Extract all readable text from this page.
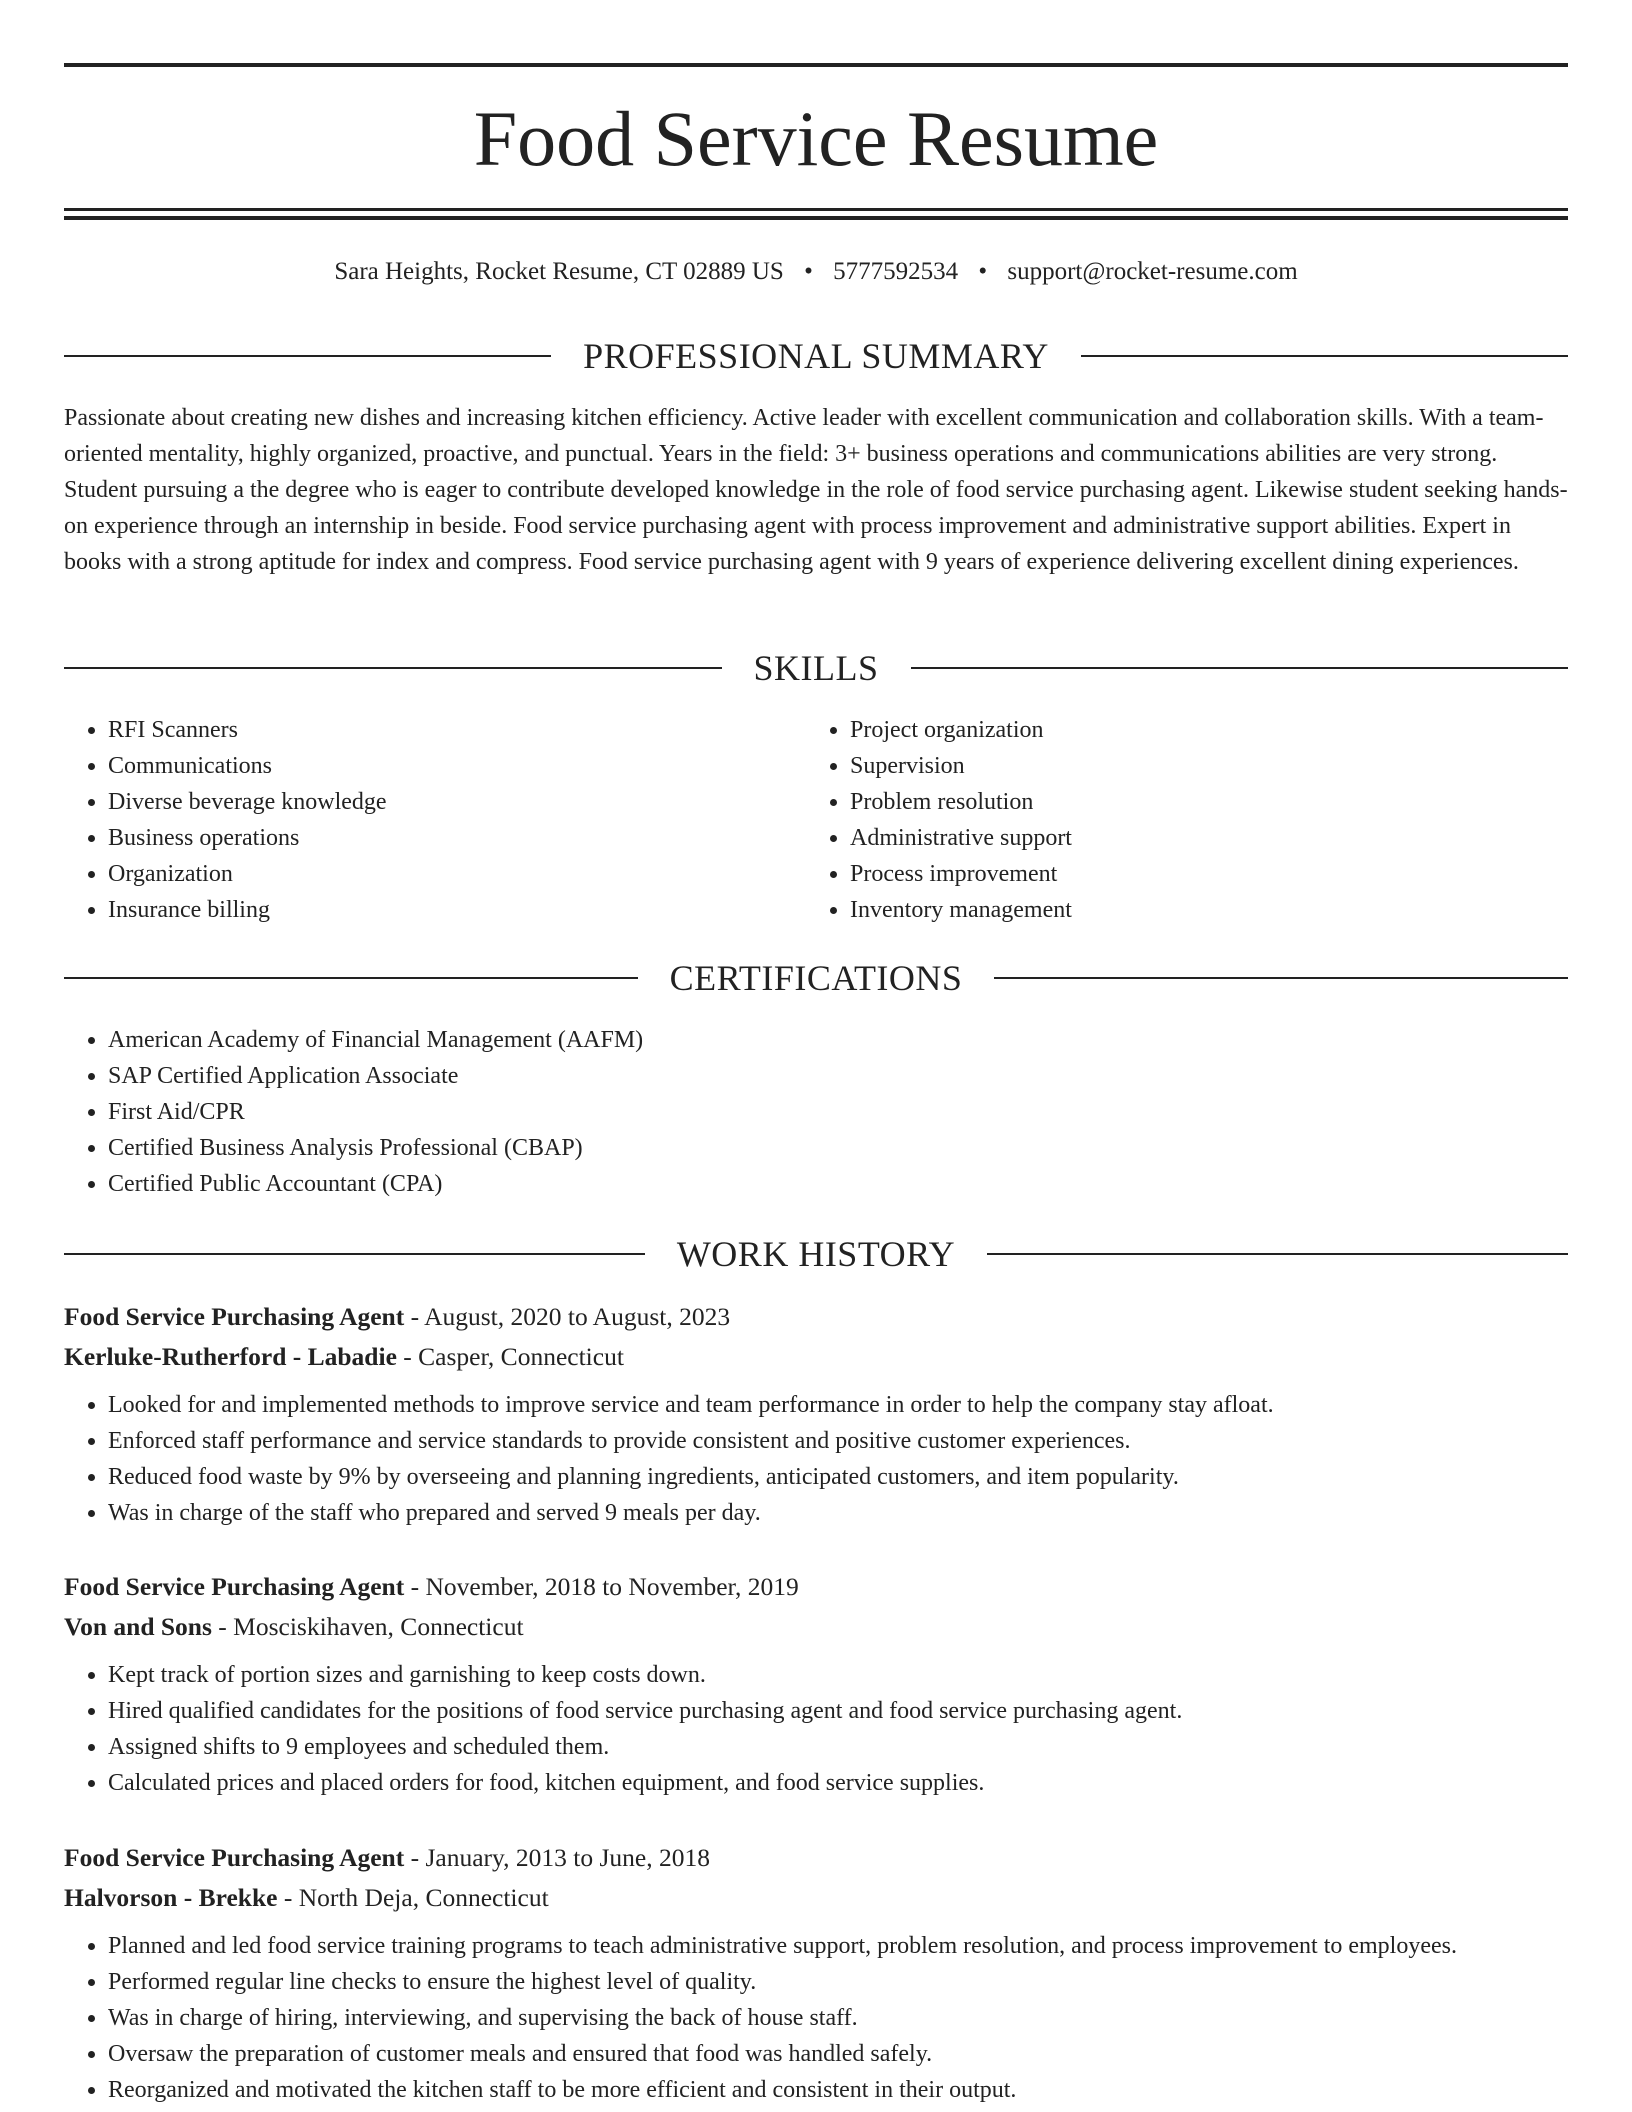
Food Service Resume
Sara Heights, Rocket Resume, CT 02889 US • 5777592534 • support@rocket-resume.com
PROFESSIONAL SUMMARY

Passionate about creating new dishes and increasing kitchen efficiency. Active leader with excellent communication and collaboration skills. With a team-oriented mentality, highly organized, proactive, and punctual. Years in the field: 3+ business operations and communications abilities are very strong. Student pursuing a the degree who is eager to contribute developed knowledge in the role of food service purchasing agent. Likewise student seeking hands-on experience through an internship in beside. Food service purchasing agent with process improvement and administrative support abilities. Expert in books with a strong aptitude for index and compress. Food service purchasing agent with 9 years of experience delivering excellent dining experiences.

SKILLS
• RFI Scanners
• Communications
• Diverse beverage knowledge
• Business operations
• Organization
• Insurance billing
• Project organization
• Supervision
• Problem resolution
• Administrative support
• Process improvement
• Inventory management
CERTIFICATIONS
• American Academy of Financial Management (AAFM)
• SAP Certified Application Associate
• First Aid/CPR
• Certified Business Analysis Professional (CBAP)
• Certified Public Accountant (CPA)
WORK HISTORY
Food Service Purchasing Agent - August, 2020 to August, 2023
Kerluke-Rutherford - Labadie - Casper, Connecticut
• Looked for and implemented methods to improve service and team performance in order to help the company stay afloat.
• Enforced staff performance and service standards to provide consistent and positive customer experiences.
• Reduced food waste by 9% by overseeing and planning ingredients, anticipated customers, and item popularity.
• Was in charge of the staff who prepared and served 9 meals per day.
Food Service Purchasing Agent - November, 2018 to November, 2019
Von and Sons - Mosciskihaven, Connecticut
• Kept track of portion sizes and garnishing to keep costs down.
• Hired qualified candidates for the positions of food service purchasing agent and food service purchasing agent.
• Assigned shifts to 9 employees and scheduled them.
• Calculated prices and placed orders for food, kitchen equipment, and food service supplies.
Food Service Purchasing Agent - January, 2013 to June, 2018
Halvorson - Brekke - North Deja, Connecticut
• Planned and led food service training programs to teach administrative support, problem resolution, and process improvement to employees.
• Performed regular line checks to ensure the highest level of quality.
• Was in charge of hiring, interviewing, and supervising the back of house staff.
• Oversaw the preparation of customer meals and ensured that food was handled safely.
• Reorganized and motivated the kitchen staff to be more efficient and consistent in their output.
